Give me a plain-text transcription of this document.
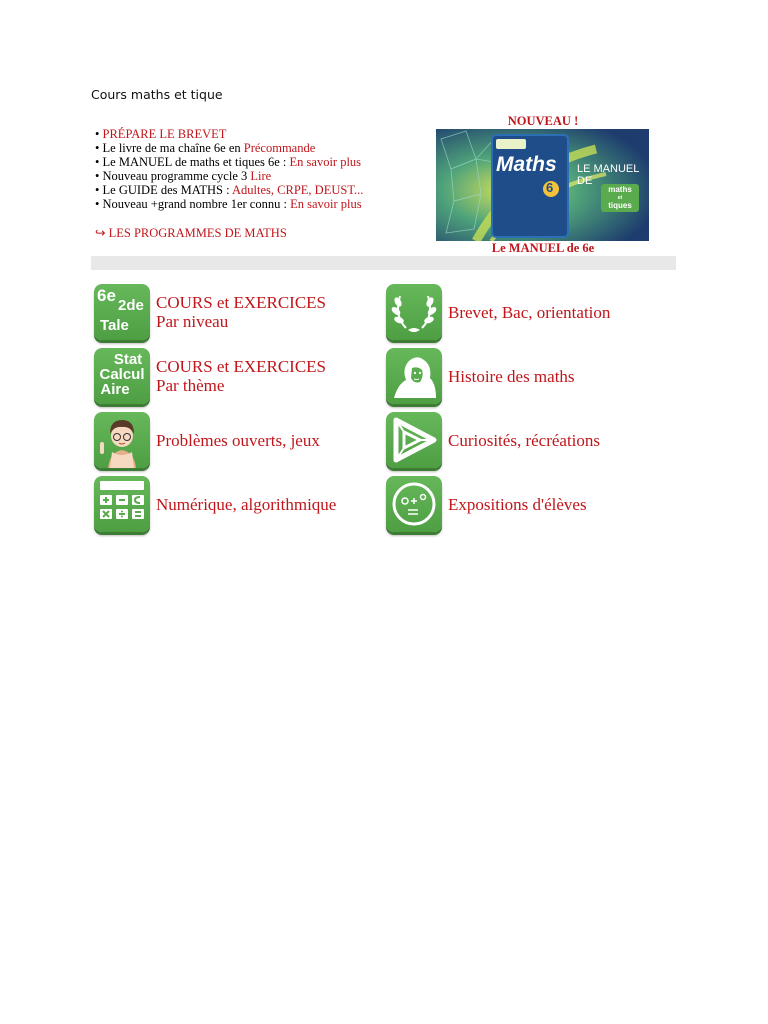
Cours maths et tique
• PRÉPARE LE BREVET
• Le livre de ma chaîne 6e en Précommande
• Le MANUEL de maths et tiques 6e : En savoir plus
• Nouveau programme cycle 3 Lire
• Le GUIDE des MATHS : Adultes, CRPE, DEUST...
• Nouveau +grand nombre 1er connu : En savoir plus
↪ LES PROGRAMMES DE MATHS
NOUVEAU !
Maths
6
LE MANUEL
DE
maths
et
tiques
Le MANUEL de 6e
6e
2de
Tale
COURS et EXERCICES
Par niveau	Brevet, Bac, orientation
Stat
Calcul
Aire
COURS et EXERCICES
Par thème	Histoire des maths
Problèmes ouverts, jeux	Curiosités, récréations
Numérique, algorithmique	Expositions d'élèves
